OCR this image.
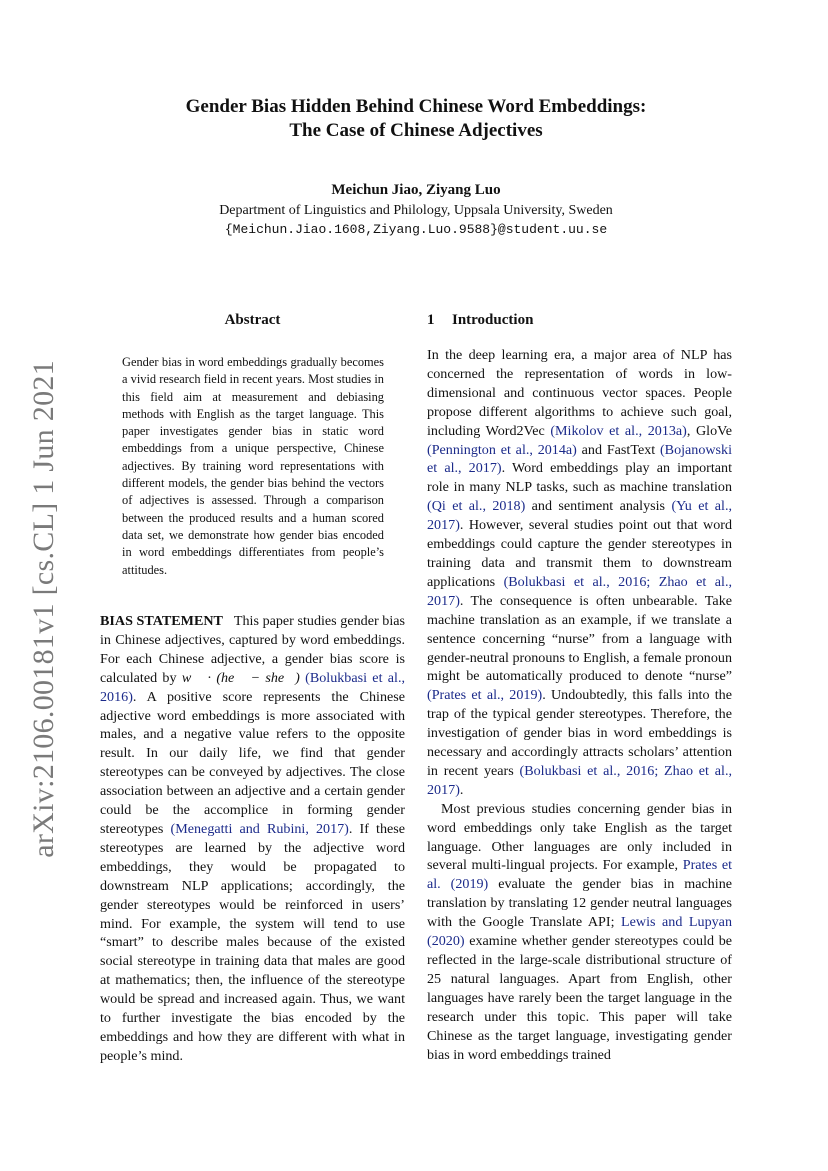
arXiv:2106.00181v1 [cs.CL] 1 Jun 2021
Gender Bias Hidden Behind Chinese Word Embeddings:
The Case of Chinese Adjectives
Meichun Jiao, Ziyang Luo
Department of Linguistics and Philology, Uppsala University, Sweden
{Meichun.Jiao.1608,Ziyang.Luo.9588}@student.uu.se
Abstract
Gender bias in word embeddings gradually becomes a vivid research field in recent years. Most studies in this field aim at measurement and debiasing methods with English as the target language. This paper investigates gender bias in static word embeddings from a unique perspective, Chinese adjectives. By training word representations with different models, the gender bias behind the vectors of adjectives is assessed. Through a comparison between the produced results and a human scored data set, we demonstrate how gender bias encoded in word embeddings differentiates from people’s attitudes.
BIAS STATEMENT This paper studies gender bias in Chinese adjectives, captured by word embeddings. For each Chinese adjective, a gender bias score is calculated by w⃗ · (he⃗ − she⃗) (Bolukbasi et al., 2016). A positive score represents the Chinese adjective word embeddings is more associated with males, and a negative value refers to the opposite result. In our daily life, we find that gender stereotypes can be conveyed by adjectives. The close association between an adjective and a certain gender could be the accomplice in forming gender stereotypes (Menegatti and Rubini, 2017). If these stereotypes are learned by the adjective word embeddings, they would be propagated to downstream NLP applications; accordingly, the gender stereotypes would be reinforced in users’ mind. For example, the system will tend to use “smart” to describe males because of the existed social stereotype in training data that males are good at mathematics; then, the influence of the stereotype would be spread and increased again. Thus, we want to further investigate the bias encoded by the embeddings and how they are different with what in people’s mind.
1 Introduction

In the deep learning era, a major area of NLP has concerned the representation of words in low-dimensional and continuous vector spaces. People propose different algorithms to achieve such goal, including Word2Vec (Mikolov et al., 2013a), GloVe (Pennington et al., 2014a) and FastText (Bojanowski et al., 2017). Word embeddings play an important role in many NLP tasks, such as machine translation (Qi et al., 2018) and sentiment analysis (Yu et al., 2017). However, several studies point out that word embeddings could capture the gender stereotypes in training data and transmit them to downstream applications (Bolukbasi et al., 2016; Zhao et al., 2017). The consequence is often unbearable. Take machine translation as an example, if we translate a sentence concerning “nurse” from a language with gender-neutral pronouns to English, a female pronoun might be automatically produced to denote “nurse” (Prates et al., 2019). Undoubtedly, this falls into the trap of the typical gender stereotypes. Therefore, the investigation of gender bias in word embeddings is necessary and accordingly attracts scholars’ attention in recent years (Bolukbasi et al., 2016; Zhao et al., 2017).

Most previous studies concerning gender bias in word embeddings only take English as the target language. Other languages are only included in several multi-lingual projects. For example, Prates et al. (2019) evaluate the gender bias in machine translation by translating 12 gender neutral languages with the Google Translate API; Lewis and Lupyan (2020) examine whether gender stereotypes could be reflected in the large-scale distributional structure of 25 natural languages. Apart from English, other languages have rarely been the target language in the research under this topic. This paper will take Chinese as the target language, investigating gender bias in word embeddings trained
